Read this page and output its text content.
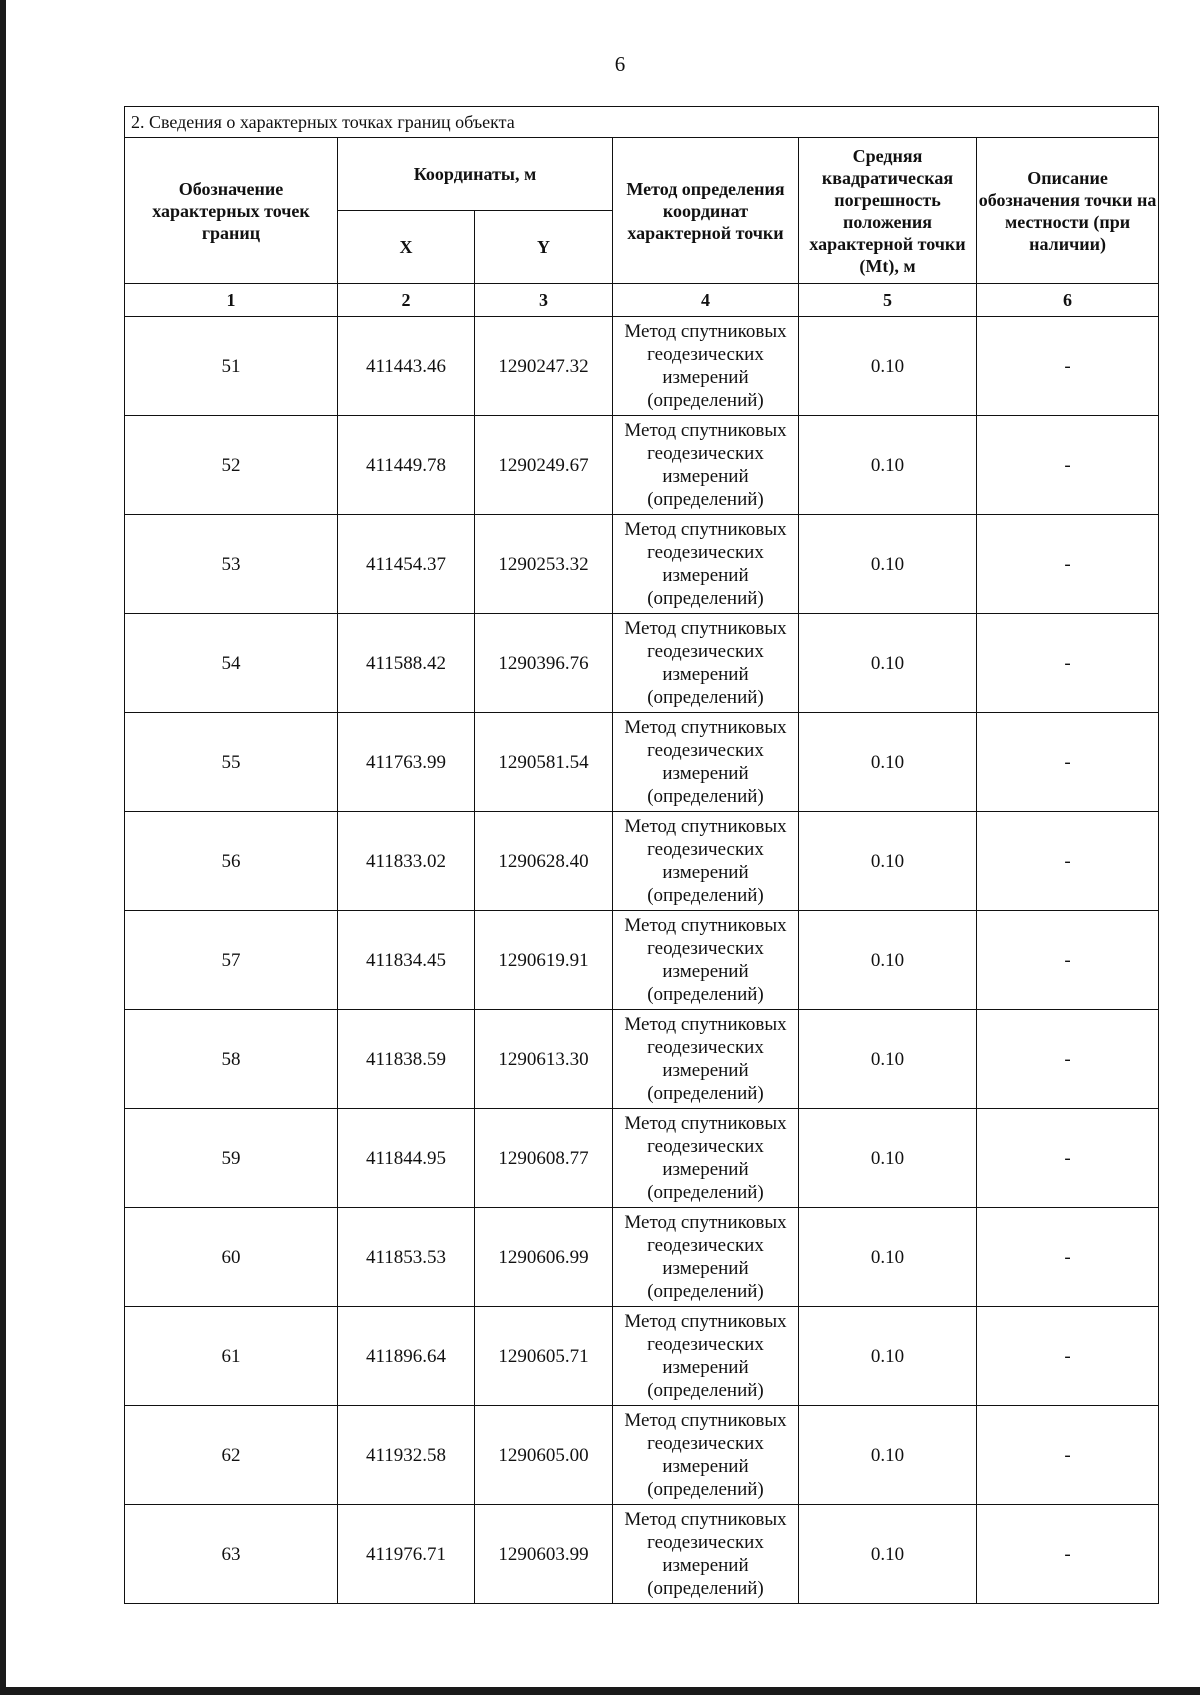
6
2. Сведения о характерных точках границ объекта					
Обозначение характерных точек границ	Координаты, м		Метод определения координат характерной точки	Средняя квадратическая погрешность положения характерной точки (Mt), м	Описание обозначения точки на местности (при наличии)
	X	Y			
1	2	3	4	5	6
51	411443.46	1290247.32	Метод спутниковых геодезических измерений (определений)	0.10	-
52	411449.78	1290249.67	Метод спутниковых геодезических измерений (определений)	0.10	-
53	411454.37	1290253.32	Метод спутниковых геодезических измерений (определений)	0.10	-
54	411588.42	1290396.76	Метод спутниковых геодезических измерений (определений)	0.10	-
55	411763.99	1290581.54	Метод спутниковых геодезических измерений (определений)	0.10	-
56	411833.02	1290628.40	Метод спутниковых геодезических измерений (определений)	0.10	-
57	411834.45	1290619.91	Метод спутниковых геодезических измерений (определений)	0.10	-
58	411838.59	1290613.30	Метод спутниковых геодезических измерений (определений)	0.10	-
59	411844.95	1290608.77	Метод спутниковых геодезических измерений (определений)	0.10	-
60	411853.53	1290606.99	Метод спутниковых геодезических измерений (определений)	0.10	-
61	411896.64	1290605.71	Метод спутниковых геодезических измерений (определений)	0.10	-
62	411932.58	1290605.00	Метод спутниковых геодезических измерений (определений)	0.10	-
63	411976.71	1290603.99	Метод спутниковых геодезических измерений (определений)	0.10	-
